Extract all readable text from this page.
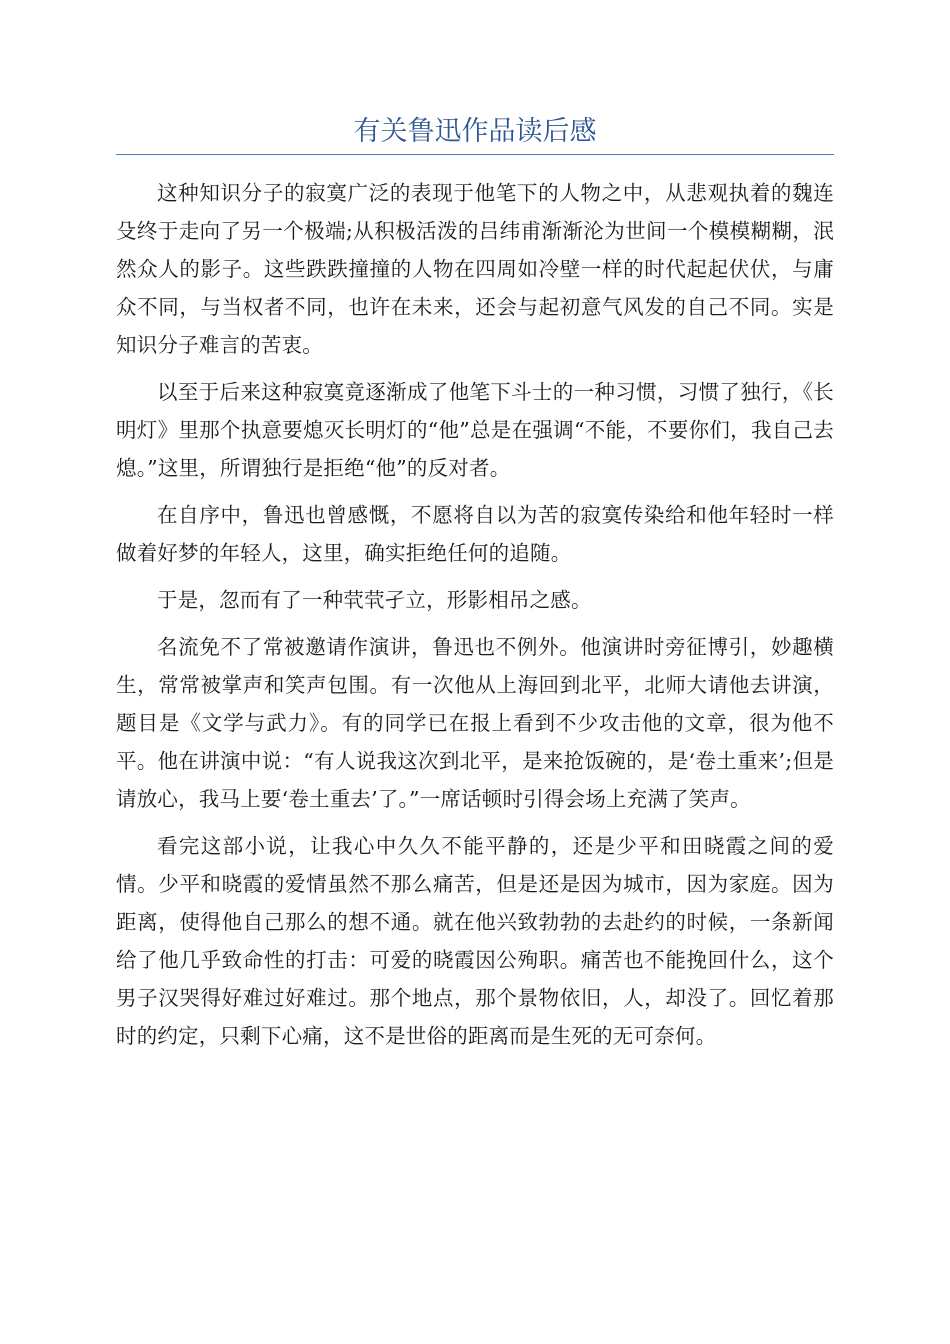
有关鲁迅作品读后感

这种知识分子的寂寞广泛的表现于他笔下的人物之中，从悲观执着的魏连殳终于走向了另一个极端;从积极活泼的吕纬甫渐渐沦为世间一个模模糊糊，泯然众人的影子。这些跌跌撞撞的人物在四周如冷壁一样的时代起起伏伏，与庸众不同，与当权者不同，也许在未来，还会与起初意气风发的自己不同。实是知识分子难言的苦衷。

以至于后来这种寂寞竟逐渐成了他笔下斗士的一种习惯，习惯了独行，《长明灯》里那个执意要熄灭长明灯的“他”总是在强调“不能，不要你们，我自己去熄。”这里，所谓独行是拒绝“他”的反对者。

在自序中，鲁迅也曾感慨，不愿将自以为苦的寂寞传染给和他年轻时一样做着好梦的年轻人，这里，确实拒绝任何的追随。

于是，忽而有了一种茕茕孑立，形影相吊之感。

名流免不了常被邀请作演讲，鲁迅也不例外。他演讲时旁征博引，妙趣横生，常常被掌声和笑声包围。有一次他从上海回到北平，北师大请他去讲演，题目是《文学与武力》。有的同学已在报上看到不少攻击他的文章，很为他不平。他在讲演中说：“有人说我这次到北平，是来抢饭碗的，是‘卷土重来’;但是请放心，我马上要‘卷土重去’了。”一席话顿时引得会场上充满了笑声。

看完这部小说，让我心中久久不能平静的，还是少平和田晓霞之间的爱情。少平和晓霞的爱情虽然不那么痛苦，但是还是因为城市，因为家庭。因为距离，使得他自己那么的想不通。就在他兴致勃勃的去赴约的时候，一条新闻给了他几乎致命性的打击：可爱的晓霞因公殉职。痛苦也不能挽回什么，这个男子汉哭得好难过好难过。那个地点，那个景物依旧，人，却没了。回忆着那时的约定，只剩下心痛，这不是世俗的距离而是生死的无可奈何。
